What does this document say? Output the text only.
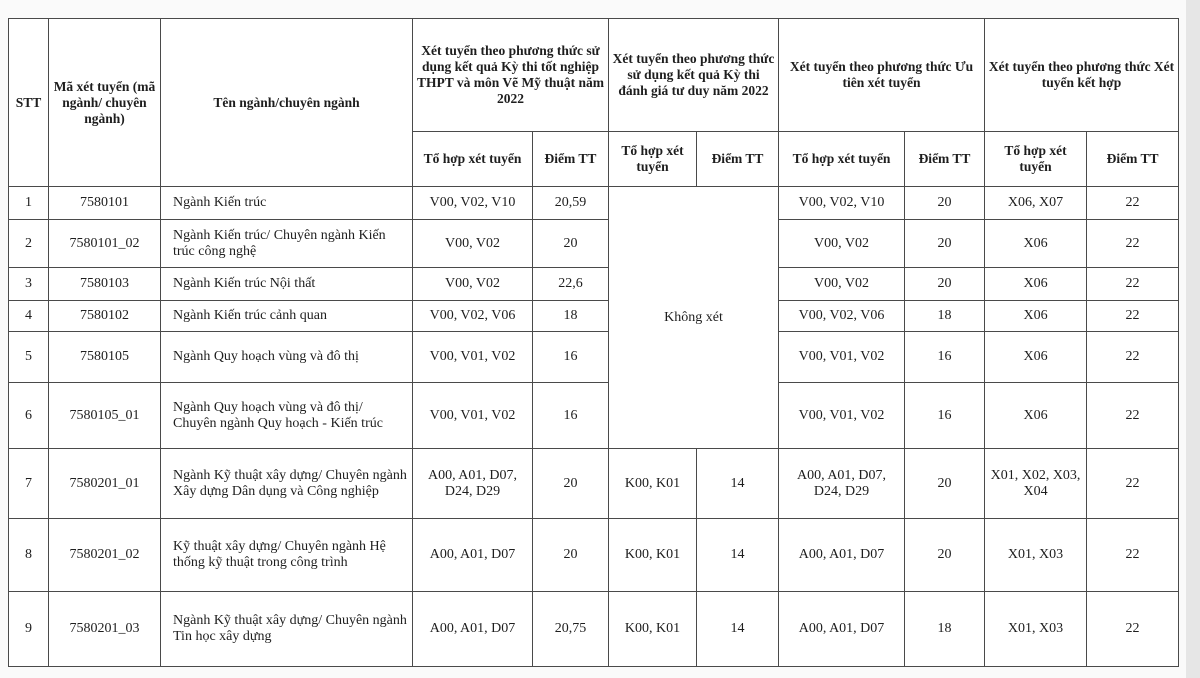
STT	Mã xét tuyển (mã ngành/ chuyên ngành)	Tên ngành/chuyên ngành	Xét tuyển theo phương thức sử dụng kết quả Kỳ thi tốt nghiệp THPT và môn Vẽ Mỹ thuật năm 2022		Xét tuyển theo phương thức sử dụng kết quả Kỳ thi đánh giá tư duy năm 2022		Xét tuyển theo phương thức Ưu tiên xét tuyển		Xét tuyển theo phương thức Xét tuyển kết hợp	
			Tổ hợp xét tuyển	Điểm TT	Tổ hợp xét tuyển	Điểm TT	Tổ hợp xét tuyển	Điểm TT	Tổ hợp xét tuyển	Điểm TT
1	7580101	Ngành Kiến trúc	V00, V02, V10	20,59	Không xét		V00, V02, V10	20	X06, X07	22
2	7580101_02	Ngành Kiến trúc/ Chuyên ngành Kiến trúc công nghệ	V00, V02	20			V00, V02	20	X06	22
3	7580103	Ngành Kiến trúc Nội thất	V00, V02	22,6			V00, V02	20	X06	22
4	7580102	Ngành Kiến trúc cảnh quan	V00, V02, V06	18			V00, V02, V06	18	X06	22
5	7580105	Ngành Quy hoạch vùng và đô thị	V00, V01, V02	16			V00, V01, V02	16	X06	22
6	7580105_01	Ngành Quy hoạch vùng và đô thị/ Chuyên ngành Quy hoạch - Kiến trúc	V00, V01, V02	16			V00, V01, V02	16	X06	22
7	7580201_01	Ngành Kỹ thuật xây dựng/ Chuyên ngành Xây dựng Dân dụng và Công nghiệp	A00, A01, D07, D24, D29	20	K00, K01	14	A00, A01, D07, D24, D29	20	X01, X02, X03, X04	22
8	7580201_02	Kỹ thuật xây dựng/ Chuyên ngành Hệ thống kỹ thuật trong công trình	A00, A01, D07	20	K00, K01	14	A00, A01, D07	20	X01, X03	22
9	7580201_03	Ngành Kỹ thuật xây dựng/ Chuyên ngành Tin học xây dựng	A00, A01, D07	20,75	K00, K01	14	A00, A01, D07	18	X01, X03	22
